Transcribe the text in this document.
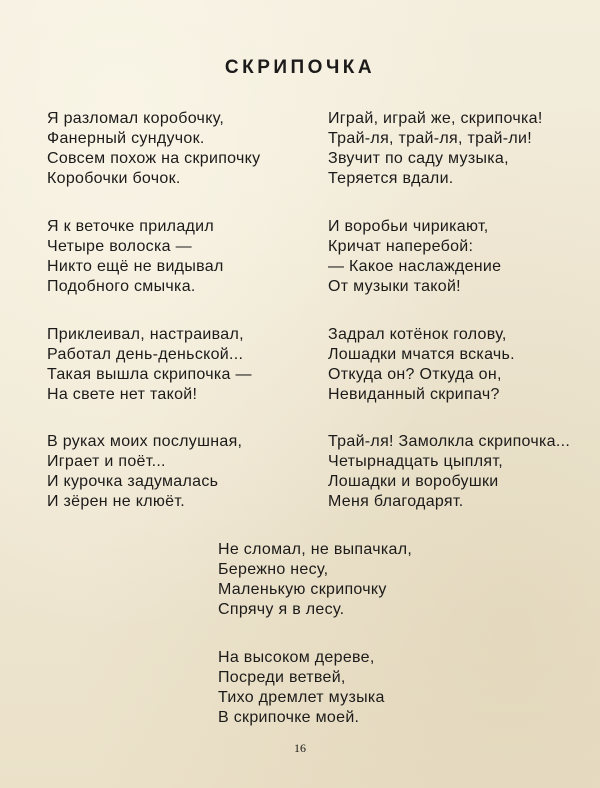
СКРИПОЧКА
Я разломал коробочку,
Фанерный сундучок.
Совсем похож на скрипочку
Коробочки бочок.
Я к веточке приладил
Четыре волоска —
Никто ещё не видывал
Подобного смычка.
Приклеивал, настраивал,
Работал день-деньской...
Такая вышла скрипочка —
На свете нет такой!
В руках моих послушная,
Играет и поёт...
И курочка задумалась
И зёрен не клюёт.
Играй, играй же, скрипочка!
Трай-ля, трай-ля, трай-ли!
Звучит по саду музыка,
Теряется вдали.
И воробьи чирикают,
Кричат наперебой:
— Какое наслаждение
От музыки такой!
Задрал котёнок голову,
Лошадки мчатся вскачь.
Откуда он? Откуда он,
Невиданный скрипач?
Трай-ля! Замолкла скрипочка...
Четырнадцать цыплят,
Лошадки и воробушки
Меня благодарят.
Не сломал, не выпачкал,
Бережно несу,
Маленькую скрипочку
Спрячу я в лесу.
На высоком дереве,
Посреди ветвей,
Тихо дремлет музыка
В скрипочке моей.
16
